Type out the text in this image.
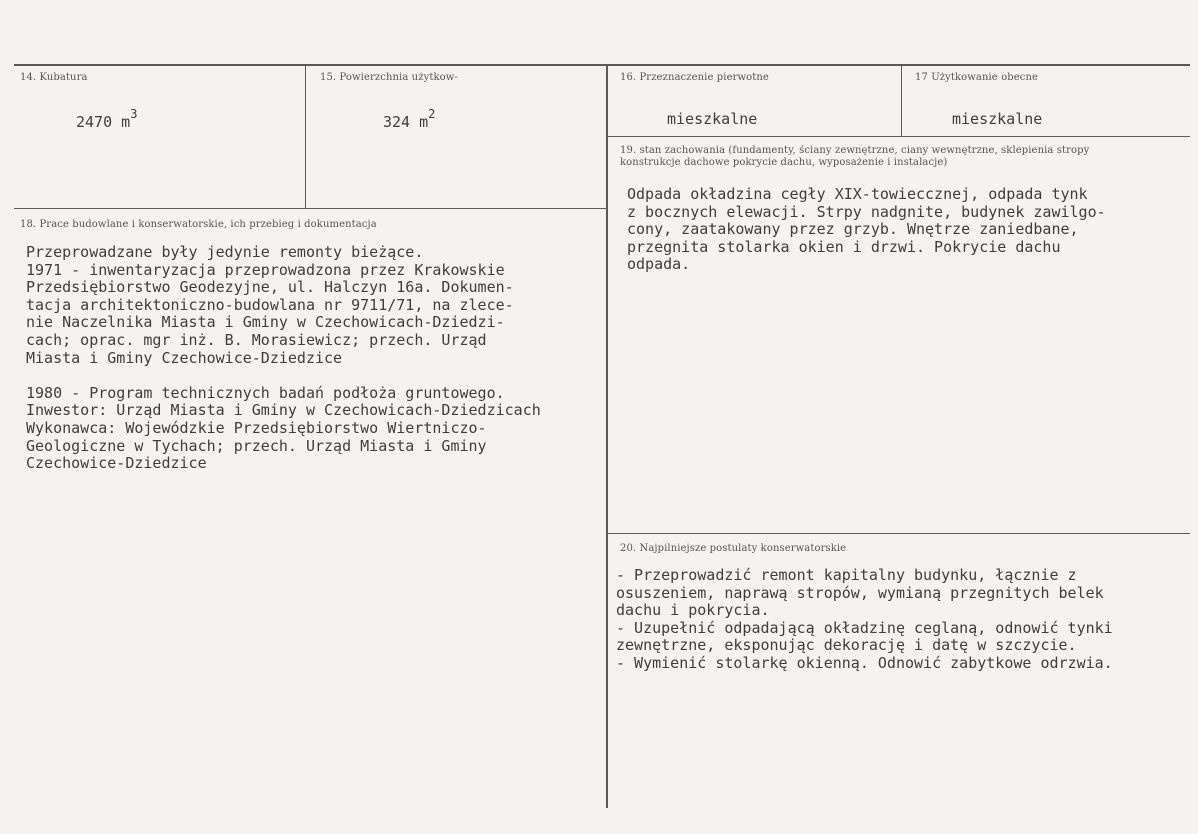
14. Kubatura
2470 $m^3$
15. Powierzchnia użytkow-
324 $m^2$
16. Przeznaczenie pierwotne
mieszkalne
17 Użytkowanie obecne
mieszkalne
18. Prace budowlane i konserwatorskie, ich przebieg i dokumentacja
Przeprowadzane były jedynie remonty bieżące.
1971 - inwentaryzacja przeprowadzona przez Krakowskie
Przedsiębiorstwo Geodezyjne, ul. Halczyn 16a. Dokumen-
tacja architektoniczno-budowlana nr 9711/71, na zlece-
nie Naczelnika Miasta i Gminy w Czechowicach-Dziedzi-
cach; oprac. mgr inż. B. Morasiewicz; przech. Urząd
Miasta i Gminy Czechowice-Dziedzice

1980 - Program technicznych badań podłoża gruntowego.
Inwestor: Urząd Miasta i Gminy w Czechowicach-Dziedzicach
Wykonawca: Wojewódzkie Przedsiębiorstwo Wiertniczo-
Geologiczne w Tychach; przech. Urząd Miasta i Gminy
Czechowice-Dziedzice
19. stan zachowania (fundamenty, ściany zewnętrzne, ciany wewnętrzne, sklepienia stropy
konstrukcje dachowe pokrycie dachu, wyposażenie i instalacje)
Odpada okładzina cegły XIX-towieccznej, odpada tynk
z bocznych elewacji. Strpy nadgnite, budynek zawilgo-
cony, zaatakowany przez grzyb. Wnętrze zaniedbane,
przegnita stolarka okien i drzwi. Pokrycie dachu
odpada.
20. Najpilniejsze postulaty konserwatorskie
- Przeprowadzić remont kapitalny budynku, łącznie z
osuszeniem, naprawą stropów, wymianą przegnitych belek
dachu i pokrycia.
- Uzupełnić odpadającą okładzinę ceglaną, odnowić tynki
zewnętrzne, eksponując dekorację i datę w szczycie.
- Wymienić stolarkę okienną. Odnowić zabytkowe odrzwia.
